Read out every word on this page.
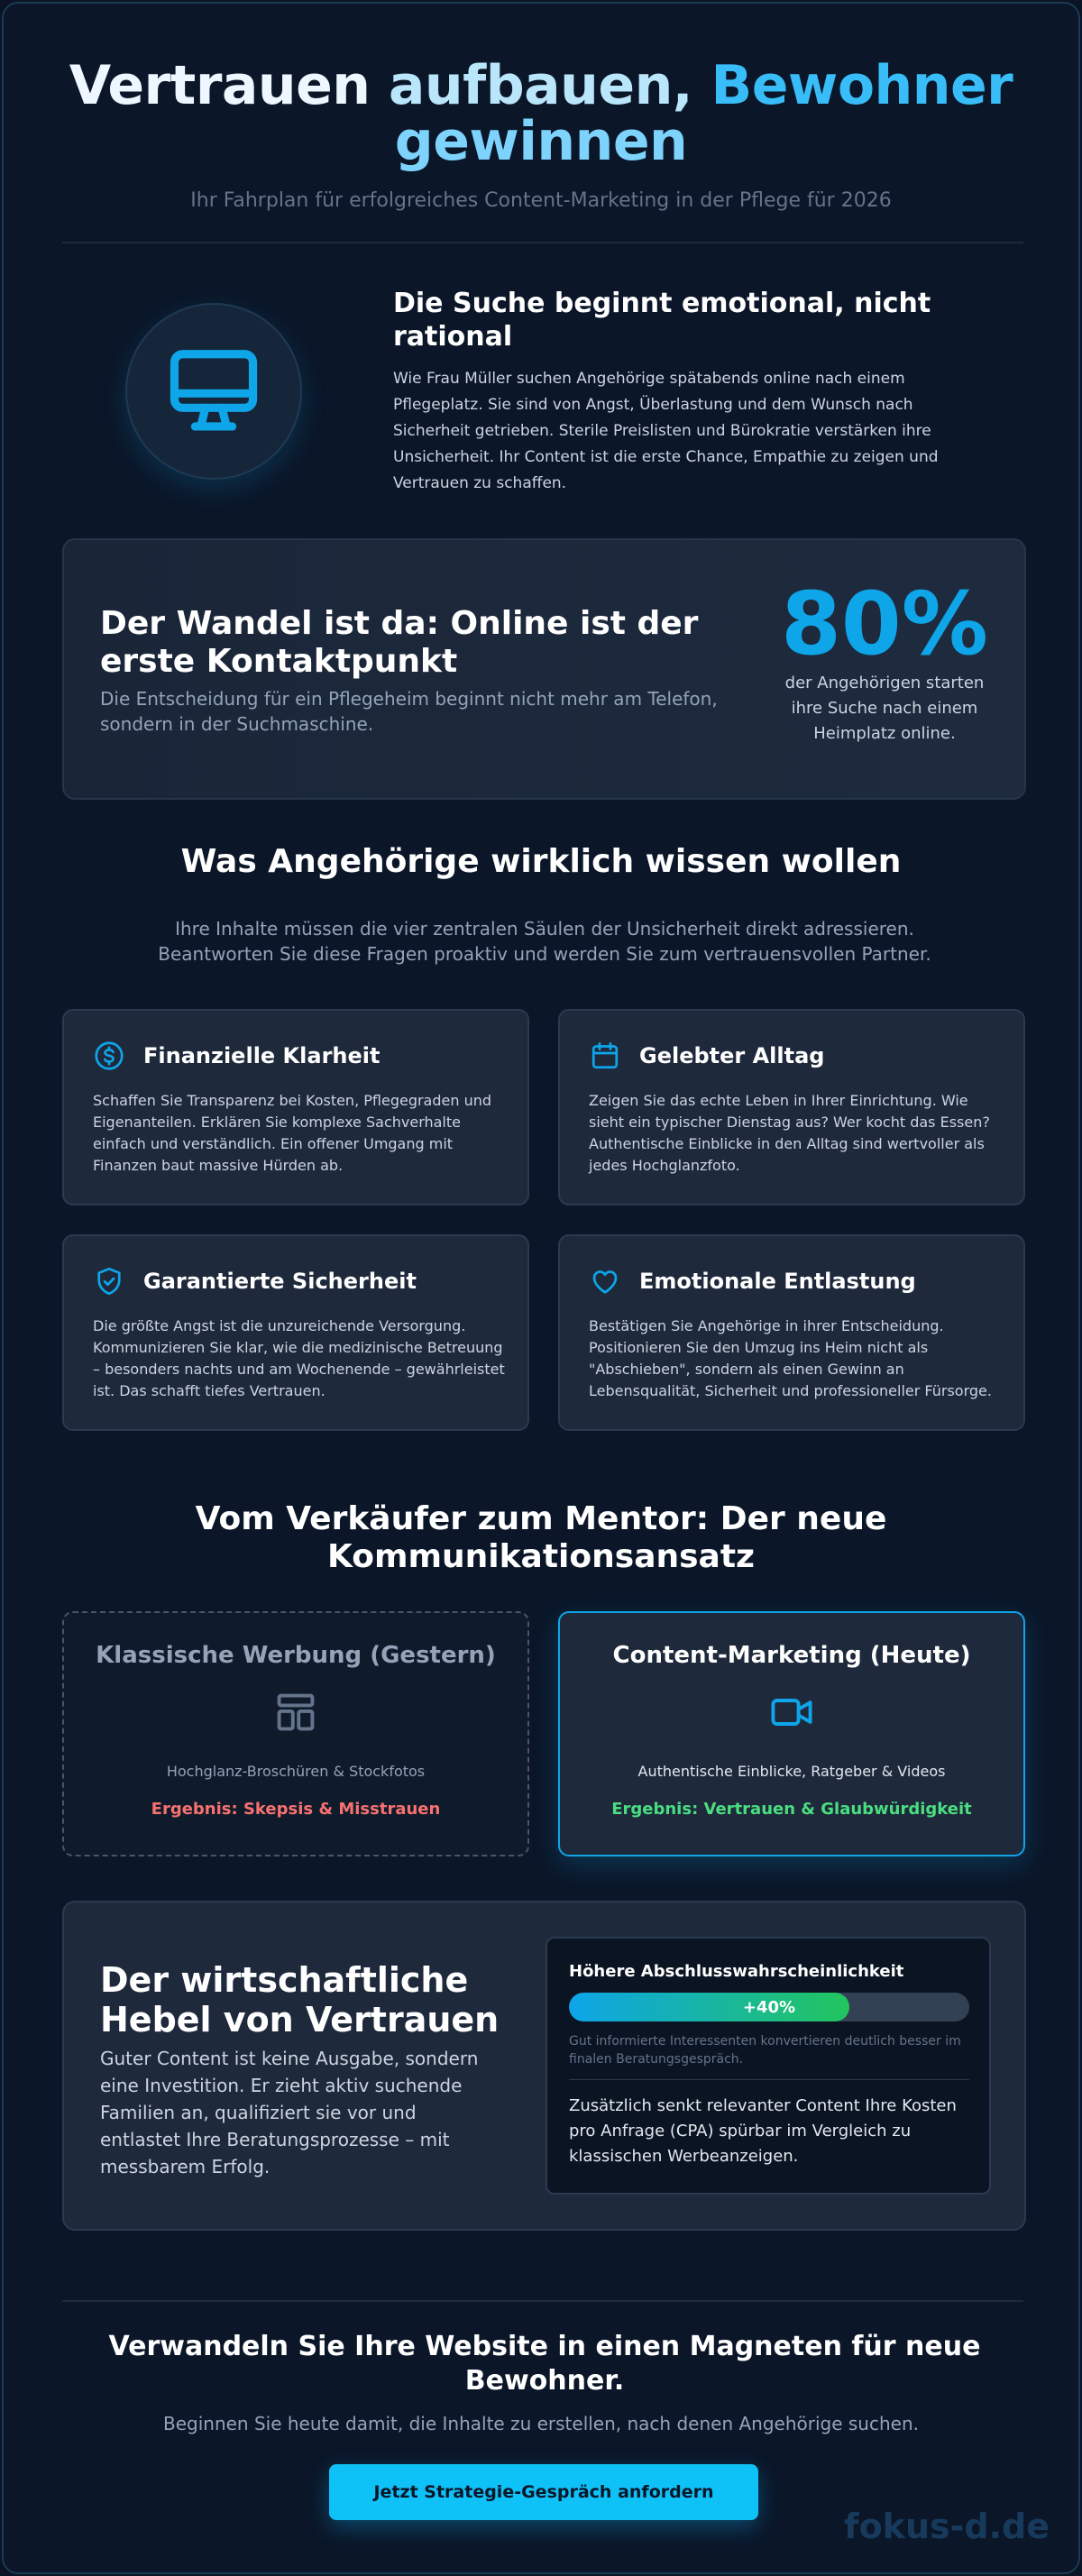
Vertrauen aufbauen, Bewohner
gewinnen
Ihr Fahrplan für erfolgreiches Content-Marketing in der Pflege für 2026
Die Suche beginnt emotional, nicht rational

Wie Frau Müller suchen Angehörige spätabends online nach einem Pflegeplatz. Sie sind von Angst, Überlastung und dem Wunsch nach Sicherheit getrieben. Sterile Preislisten und Bürokratie verstärken ihre Unsicherheit. Ihr Content ist die erste Chance, Empathie zu zeigen und Vertrauen zu schaffen.

Der Wandel ist da: Online ist der erste Kontaktpunkt

Die Entscheidung für ein Pflegeheim beginnt nicht mehr am Telefon, sondern in der Suchmaschine.

80%
der Angehörigen starten ihre Suche nach einem Heimplatz online.
Was Angehörige wirklich wissen wollen
Ihre Inhalte müssen die vier zentralen Säulen der Unsicherheit direkt adressieren. Beantworten Sie diese Fragen proaktiv und werden Sie zum vertrauensvollen Partner.
Finanzielle Klarheit

Schaffen Sie Transparenz bei Kosten, Pflegegraden und Eigenanteilen. Erklären Sie komplexe Sachverhalte einfach und verständlich. Ein offener Umgang mit Finanzen baut massive Hürden ab.

Gelebter Alltag

Zeigen Sie das echte Leben in Ihrer Einrichtung. Wie sieht ein typischer Dienstag aus? Wer kocht das Essen? Authentische Einblicke in den Alltag sind wertvoller als jedes Hochglanzfoto.

Garantierte Sicherheit

Die größte Angst ist die unzureichende Versorgung. Kommunizieren Sie klar, wie die medizinische Betreuung – besonders nachts und am Wochenende – gewährleistet ist. Das schafft tiefes Vertrauen.

Emotionale Entlastung

Bestätigen Sie Angehörige in ihrer Entscheidung. Positionieren Sie den Umzug ins Heim nicht als "Abschieben", sondern als einen Gewinn an Lebensqualität, Sicherheit und professioneller Fürsorge.

Vom Verkäufer zum Mentor: Der neue Kommunikationsansatz
Klassische Werbung (Gestern)
Hochglanz-Broschüren & Stockfotos
Ergebnis: Skepsis & Misstrauen
Content-Marketing (Heute)
Authentische Einblicke, Ratgeber & Videos
Ergebnis: Vertrauen & Glaubwürdigkeit
Der wirtschaftliche Hebel von Vertrauen

Guter Content ist keine Ausgabe, sondern eine Investition. Er zieht aktiv suchende Familien an, qualifiziert sie vor und entlastet Ihre Beratungsprozesse – mit messbarem Erfolg.

Höhere Abschlusswahrscheinlichkeit
+40%
Gut informierte Interessenten konvertieren deutlich besser im finalen Beratungsgespräch.
Zusätzlich senkt relevanter Content Ihre Kosten pro Anfrage (CPA) spürbar im Vergleich zu klassischen Werbeanzeigen.
Verwandeln Sie Ihre Website in einen Magneten für neue Bewohner.
Beginnen Sie heute damit, die Inhalte zu erstellen, nach denen Angehörige suchen.
Jetzt Strategie-Gespräch anfordern
fokus-d.de
